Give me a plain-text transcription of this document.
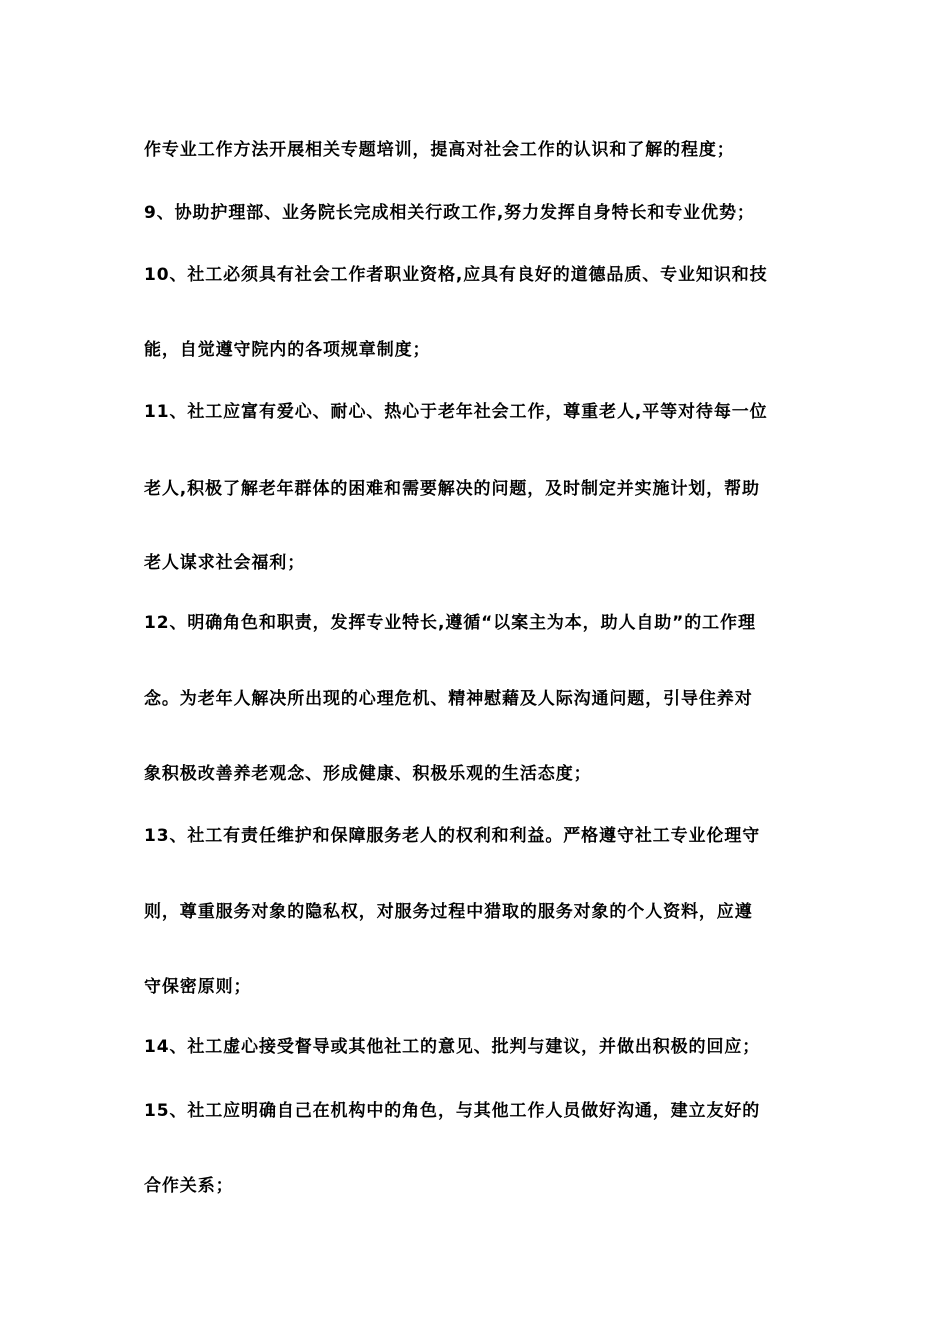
作专业工作方法开展相关专题培训，提高对社会工作的认识和了解的程度；
9、协助护理部、业务院长完成相关行政工作,努力发挥自身特长和专业优势；
10、社工必须具有社会工作者职业资格,应具有良好的道德品质、专业知识和技
能，自觉遵守院内的各项规章制度；
11、社工应富有爱心、耐心、热心于老年社会工作，尊重老人,平等对待每一位
老人,积极了解老年群体的困难和需要解决的问题，及时制定并实施计划，帮助
老人谋求社会福利；
12、明确角色和职责，发挥专业特长,遵循“以案主为本，助人自助”的工作理
念。为老年人解决所出现的心理危机、精神慰藉及人际沟通问题，引导住养对
象积极改善养老观念、形成健康、积极乐观的生活态度；
13、社工有责任维护和保障服务老人的权利和利益。严格遵守社工专业伦理守
则，尊重服务对象的隐私权，对服务过程中猎取的服务对象的个人资料，应遵
守保密原则；
14、社工虚心接受督导或其他社工的意见、批判与建议，并做出积极的回应；
15、社工应明确自己在机构中的角色，与其他工作人员做好沟通，建立友好的
合作关系；
